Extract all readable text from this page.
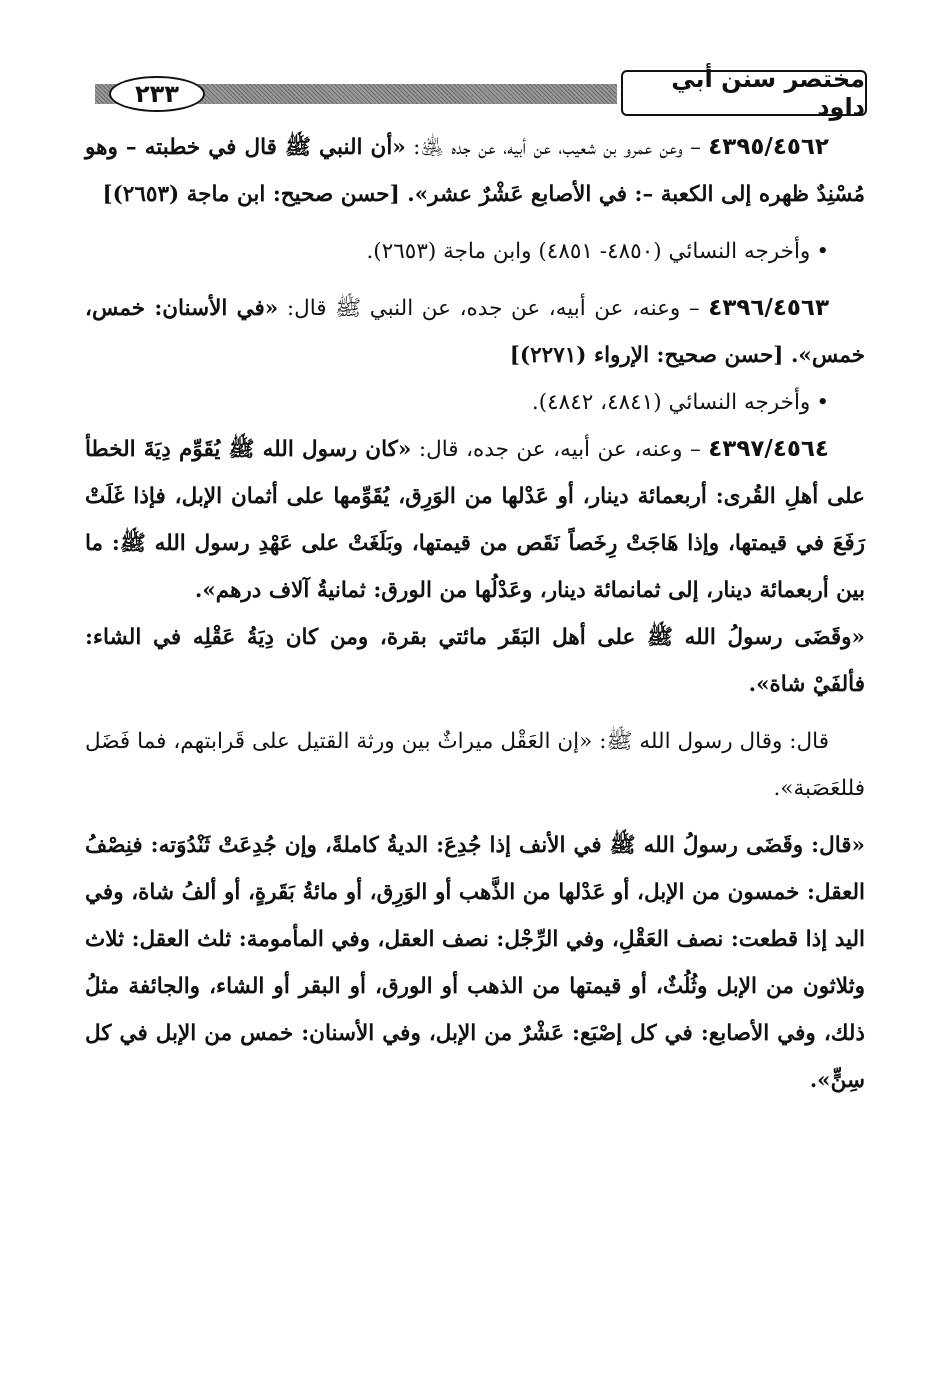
مختصر سنن أبي داود
٢٣٣

٤٣٩٥/٤٥٦٢ – وعن عمرو بن شعيب، عن أبيه، عن جده ﵁: «أن النبي ﷺ قال في خطبته – وهو مُسْنِدٌ ظهره إلى الكعبة –: في الأصابع عَشْرٌ عشر». [حسن صحيح: ابن ماجة (٢٦٥٣)]

•وأخرجه النسائي (٤٨٥٠- ٤٨٥١) وابن ماجة (٢٦٥٣).

٤٣٩٦/٤٥٦٣ – وعنه، عن أبيه، عن جده، عن النبي ﷺ قال: «في الأسنان: خمس، خمس». [حسن صحيح: الإرواء (٢٢٧١)]

•وأخرجه النسائي (٤٨٤١، ٤٨٤٢).

٤٣٩٧/٤٥٦٤ – وعنه، عن أبيه، عن جده، قال: «كان رسول الله ﷺ يُقَوِّم دِيَةَ الخطأ على أهلِ القُرى: أربعمائة دينار، أو عَدْلها من الوَرِق، يُقَوِّمها على أثمان الإبل، فإذا غَلَتْ رَفَعَ في قيمتها، وإذا هَاجَتْ رِخَصاً نَقَص من قيمتها، وبَلَغَتْ على عَهْدِ رسول الله ﷺ: ما بين أربعمائة دينار، إلى ثمانمائة دينار، وعَدْلُها من الورق: ثمانيةُ آلاف درهم».

«وقَضَى رسولُ الله ﷺ على أهل البَقَر مائتي بقرة، ومن كان دِيَةُ عَقْلِه في الشاء: فألفَيْ شاة».

قال: وقال رسول الله ﷺ: «إن العَقْل ميراثٌ بين ورثة القتيل على قَرابتهم، فما فَضَل فللعَصَبة».

«قال: وقَضَى رسولُ الله ﷺ في الأنف إذا جُدِعَ: الديةُ كاملةً، وإن جُدِعَتْ ثَنْدُوَته: فنِصْفُ العقل: خمسون من الإبل، أو عَدْلها من الذَّهب أو الوَرِق، أو مائةُ بَقَرةٍ، أو ألفُ شاة، وفي اليد إذا قطعت: نصف العَقْلِ، وفي الرِّجْل: نصف العقل، وفي المأمومة: ثلث العقل: ثلاث وثلاثون من الإبل وثُلُثٌ، أو قيمتها من الذهب أو الورق، أو البقر أو الشاء، والجائفة مثلُ ذلك، وفي الأصابع: في كل إصْبَع: عَشْرٌ من الإبل، وفي الأسنان: خمس من الإبل في كل سِنٍّ».
